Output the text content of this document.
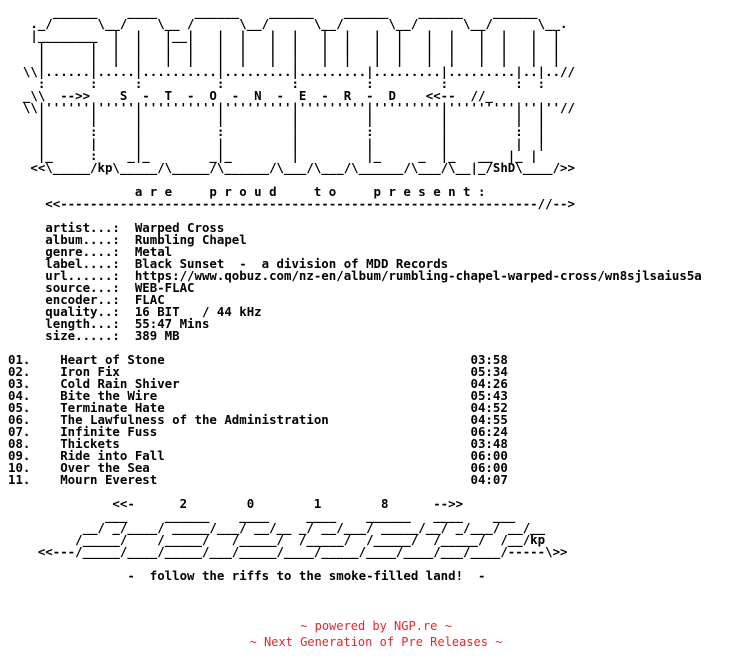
______    ____     ______    ______    ______    ______    ______
._/      \__/    \__ /      \__/      \__/      \__/      \__/      \__.
|________  |  |   |__|   |  |   |  |   |  |   |  |   |  |   |  |   |  |
|      |  |  |   |  |   |  |   |  |   |  |   |  |   |  |   |  |   |  |
|      |  |  |   |  |   |  |   |  |   |  |   |  |   |  |   |  |   |  |
\\|......|.....|..........|.........|.........|.........|.........|..|..//
:      :     :          :         :         :         :         :  :
_\\  -->>    S  -  T  -  O  -  N  -  E  -  R  -  D    <<--  //_
\\|''''''|'''''|''''''''''|'''''''''|'''''''''|'''''''''|'''''''''|''|''//
|      |     |          |         |         |         |         |  |
|      :     |          :         |         :         |         :  |
|      |     |          |         |         |         |         |  |
|_     :    _|_        _|_        |         |_     _  |_   __  |_ |
<<\_____/kp\_____/\_____/\______/\___/\___/\______/\___/\__|_/ShD\____/>>

a r e     p r o u d     t o     p r e s e n t :
<<----------------------------------------------------------------//-->

artist...:  Warped Cross
album....:  Rumbling Chapel
genre....:  Metal
label....:  Black Sunset  -  a division of MDD Records
url......:  https://www.qobuz.com/nz-en/album/rumbling-chapel-warped-cross/wn8sjlsaius5a
source...:  WEB-FLAC
encoder..:  FLAC
quality..:  16 BIT   / 44 kHz
length...:  55:47 Mins
size.....:  389 MB

01.    Heart of Stone                                         03:58
02.    Iron Fix                                               05:34
03.    Cold Rain Shiver                                       04:26
04.    Bite the Wire                                          05:43
05.    Terminate Hate                                         04:52
06.    The Lawfulness of the Administration                   04:55
07.    Infinite Fuss                                          06:24
08.    Thickets                                               03:48
09.    Ride into Fall                                         06:00
10.    Over the Sea                                           06:00
11.    Mourn Everest                                          04:07

<<-      2        0        1        8      -->>
___     ______    ____     ____    ______   ____    ___
__/ _/____/ _____/___/ __/__ _/ __/___/ _____/__/ _/___/ __/__
/_____/    /_____/   /_____/  /_____/  /_____/  /_____/  /__/kp
<<---/_____/____/_____/___/_____/____/_____/____/____/___/____/-----\>>

-  follow the riffs to the smoke-filled land!  -

~ powered by NGP.re ~
~ Next Generation of Pre Releases ~
